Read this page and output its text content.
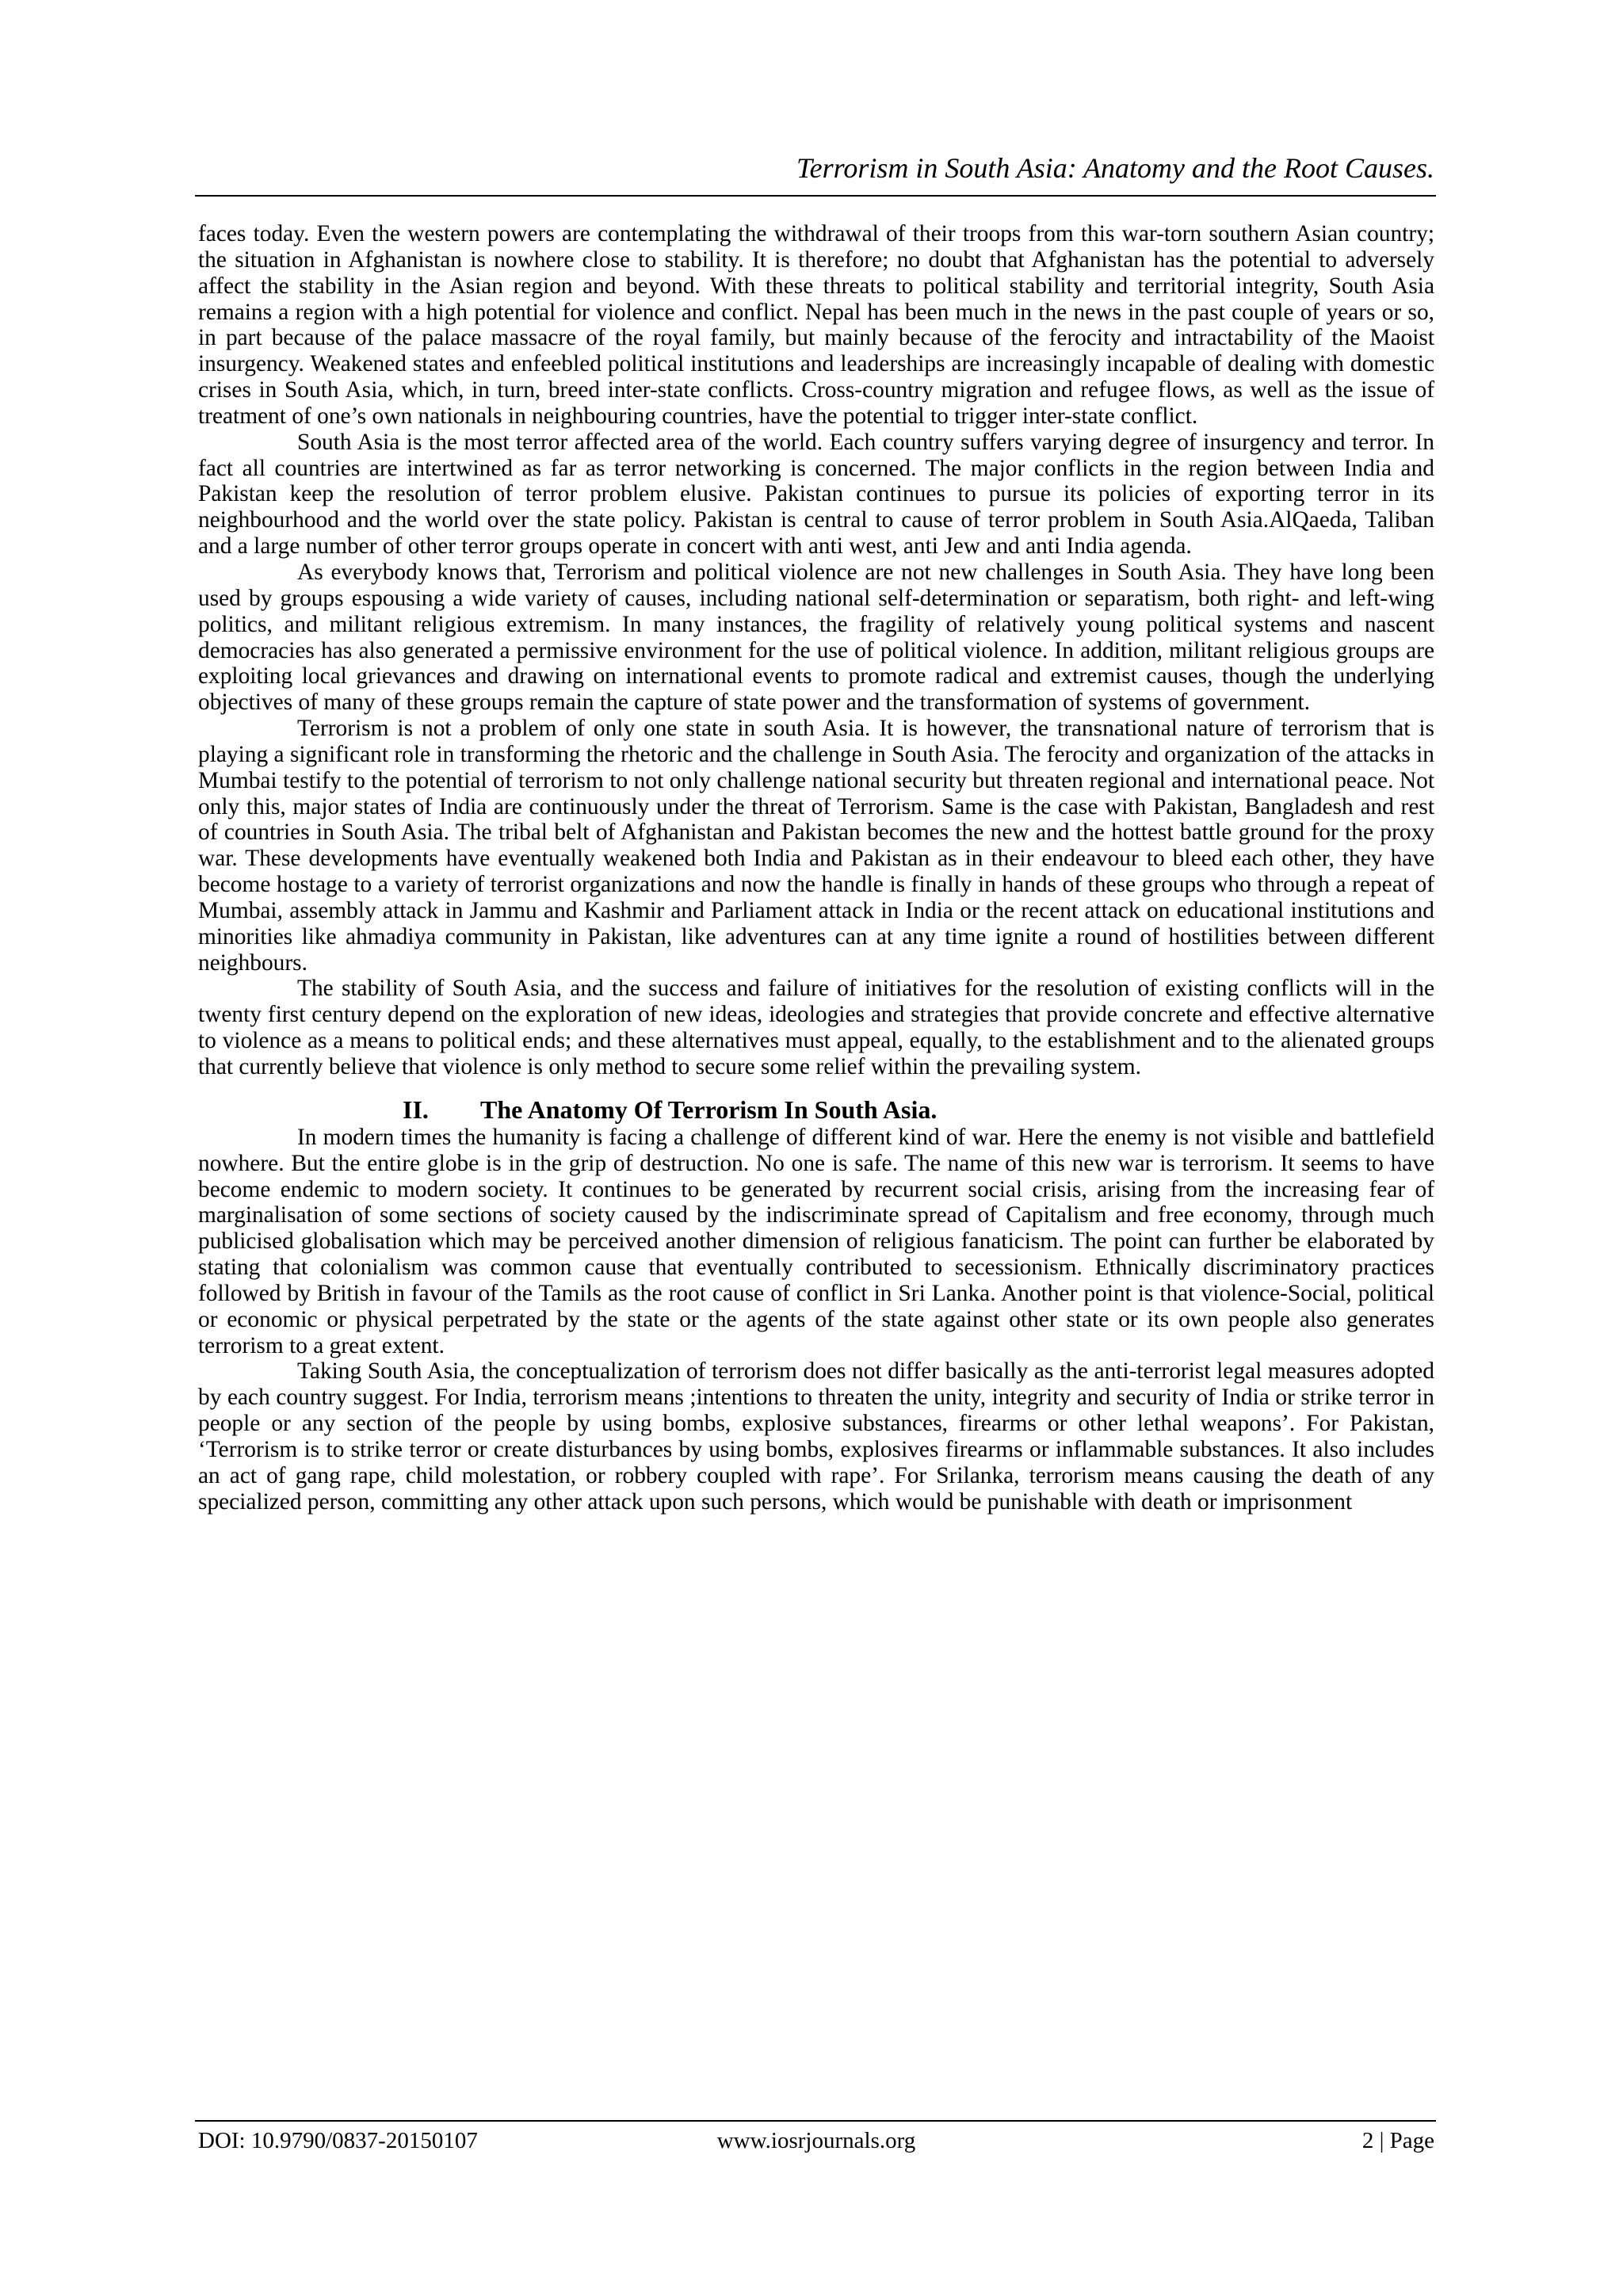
Terrorism in South Asia: Anatomy and the Root Causes.

faces today. Even the western powers are contemplating the withdrawal of their troops from this war-torn southern Asian country; the situation in Afghanistan is nowhere close to stability. It is therefore; no doubt that Afghanistan has the potential to adversely affect the stability in the Asian region and beyond. With these threats to political stability and territorial integrity, South Asia remains a region with a high potential for violence and conflict. Nepal has been much in the news in the past couple of years or so, in part because of the palace massacre of the royal family, but mainly because of the ferocity and intractability of the Maoist insurgency. Weakened states and enfeebled political institutions and leaderships are increasingly incapable of dealing with domestic crises in South Asia, which, in turn, breed inter-state conflicts. Cross-country migration and refugee flows, as well as the issue of treatment of one’s own nationals in neighbouring countries, have the potential to trigger inter-state conflict.

South Asia is the most terror affected area of the world. Each country suffers varying degree of insurgency and terror. In fact all countries are intertwined as far as terror networking is concerned. The major conflicts in the region between India and Pakistan keep the resolution of terror problem elusive. Pakistan continues to pursue its policies of exporting terror in its neighbourhood and the world over the state policy. Pakistan is central to cause of terror problem in South Asia.AlQaeda, Taliban and a large number of other terror groups operate in concert with anti west, anti Jew and anti India agenda.

As everybody knows that, Terrorism and political violence are not new challenges in South Asia. They have long been used by groups espousing a wide variety of causes, including national self-determination or separatism, both right- and left-wing politics, and militant religious extremism. In many instances, the fragility of relatively young political systems and nascent democracies has also generated a permissive environment for the use of political violence. In addition, militant religious groups are exploiting local grievances and drawing on international events to promote radical and extremist causes, though the underlying objectives of many of these groups remain the capture of state power and the transformation of systems of government.

Terrorism is not a problem of only one state in south Asia. It is however, the transnational nature of terrorism that is playing a significant role in transforming the rhetoric and the challenge in South Asia. The ferocity and organization of the attacks in Mumbai testify to the potential of terrorism to not only challenge national security but threaten regional and international peace. Not only this, major states of India are continuously under the threat of Terrorism. Same is the case with Pakistan, Bangladesh and rest of countries in South Asia. The tribal belt of Afghanistan and Pakistan becomes the new and the hottest battle ground for the proxy war. These developments have eventually weakened both India and Pakistan as in their endeavour to bleed each other, they have become hostage to a variety of terrorist organizations and now the handle is finally in hands of these groups who through a repeat of Mumbai, assembly attack in Jammu and Kashmir and Parliament attack in India or the recent attack on educational institutions and minorities like ahmadiya community in Pakistan, like adventures can at any time ignite a round of hostilities between different neighbours.

The stability of South Asia, and the success and failure of initiatives for the resolution of existing conflicts will in the twenty first century depend on the exploration of new ideas, ideologies and strategies that provide concrete and effective alternative to violence as a means to political ends; and these alternatives must appeal, equally, to the establishment and to the alienated groups that currently believe that violence is only method to secure some relief within the prevailing system.

II. The Anatomy Of Terrorism In South Asia.

In modern times the humanity is facing a challenge of different kind of war. Here the enemy is not visible and battlefield nowhere. But the entire globe is in the grip of destruction. No one is safe. The name of this new war is terrorism. It seems to have become endemic to modern society. It continues to be generated by recurrent social crisis, arising from the increasing fear of marginalisation of some sections of society caused by the indiscriminate spread of Capitalism and free economy, through much publicised globalisation which may be perceived another dimension of religious fanaticism. The point can further be elaborated by stating that colonialism was common cause that eventually contributed to secessionism. Ethnically discriminatory practices followed by British in favour of the Tamils as the root cause of conflict in Sri Lanka. Another point is that violence-Social, political or economic or physical perpetrated by the state or the agents of the state against other state or its own people also generates terrorism to a great extent.

Taking South Asia, the conceptualization of terrorism does not differ basically as the anti-terrorist legal measures adopted by each country suggest. For India, terrorism means ;intentions to threaten the unity, integrity and security of India or strike terror in people or any section of the people by using bombs, explosive substances, firearms or other lethal weapons’. For Pakistan, ‘Terrorism is to strike terror or create disturbances by using bombs, explosives firearms or inflammable substances. It also includes an act of gang rape, child molestation, or robbery coupled with rape’. For Srilanka, terrorism means causing the death of any specialized person, committing any other attack upon such persons, which would be punishable with death or imprisonment

DOI: 10.9790/0837-20150107	www.iosrjournals.org	2 | Page
